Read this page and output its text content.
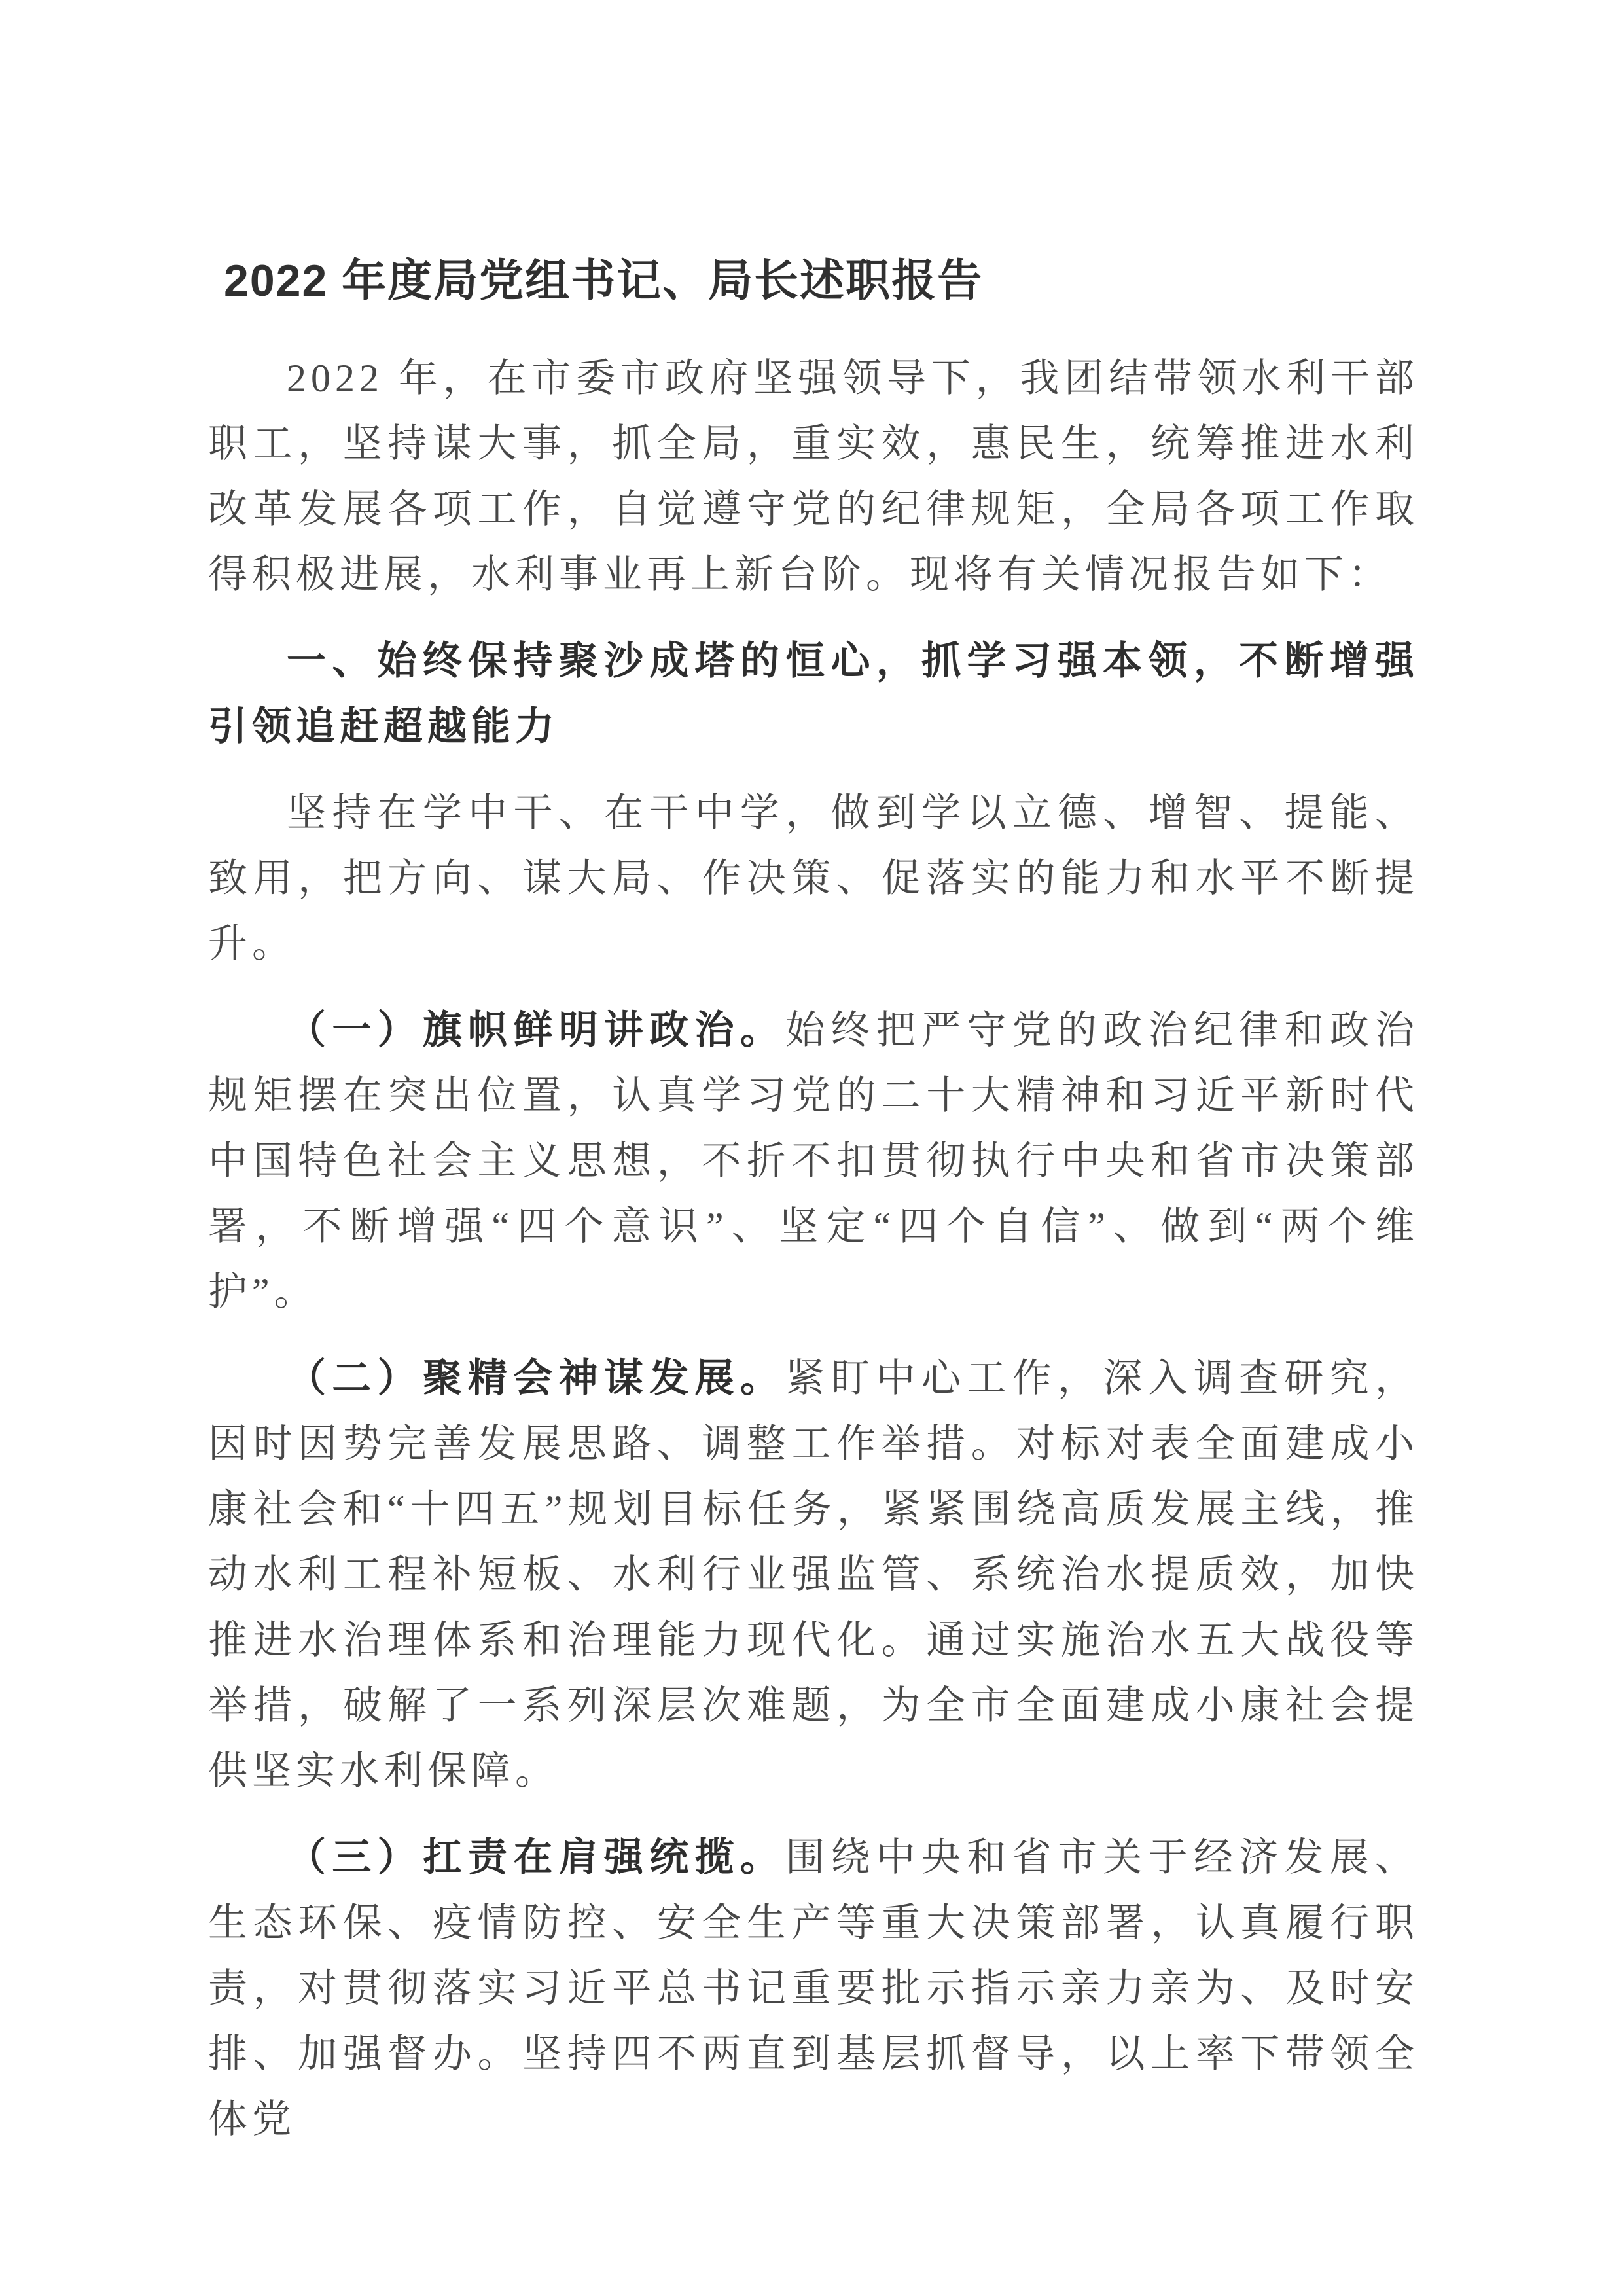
2022 年度局党组书记、局长述职报告

2022 年，在市委市政府坚强领导下，我团结带领水利干部职工，坚持谋大事，抓全局，重实效，惠民生，统筹推进水利改革发展各项工作，自觉遵守党的纪律规矩，全局各项工作取得积极进展，水利事业再上新台阶。现将有关情况报告如下：

一、始终保持聚沙成塔的恒心，抓学习强本领，不断增强引领追赶超越能力

坚持在学中干、在干中学，做到学以立德、增智、提能、致用，把方向、谋大局、作决策、促落实的能力和水平不断提升。

（一）旗帜鲜明讲政治。始终把严守党的政治纪律和政治规矩摆在突出位置，认真学习党的二十大精神和习近平新时代中国特色社会主义思想，不折不扣贯彻执行中央和省市决策部署，不断增强“四个意识”、坚定“四个自信”、做到“两个维护”。

（二）聚精会神谋发展。紧盯中心工作，深入调查研究，因时因势完善发展思路、调整工作举措。对标对表全面建成小康社会和“十四五”规划目标任务，紧紧围绕高质发展主线，推动水利工程补短板、水利行业强监管、系统治水提质效，加快推进水治理体系和治理能力现代化。通过实施治水五大战役等举措，破解了一系列深层次难题，为全市全面建成小康社会提供坚实水利保障。

（三）扛责在肩强统揽。围绕中央和省市关于经济发展、生态环保、疫情防控、安全生产等重大决策部署，认真履行职责，对贯彻落实习近平总书记重要批示指示亲力亲为、及时安排、加强督办。坚持四不两直到基层抓督导，以上率下带领全体党
